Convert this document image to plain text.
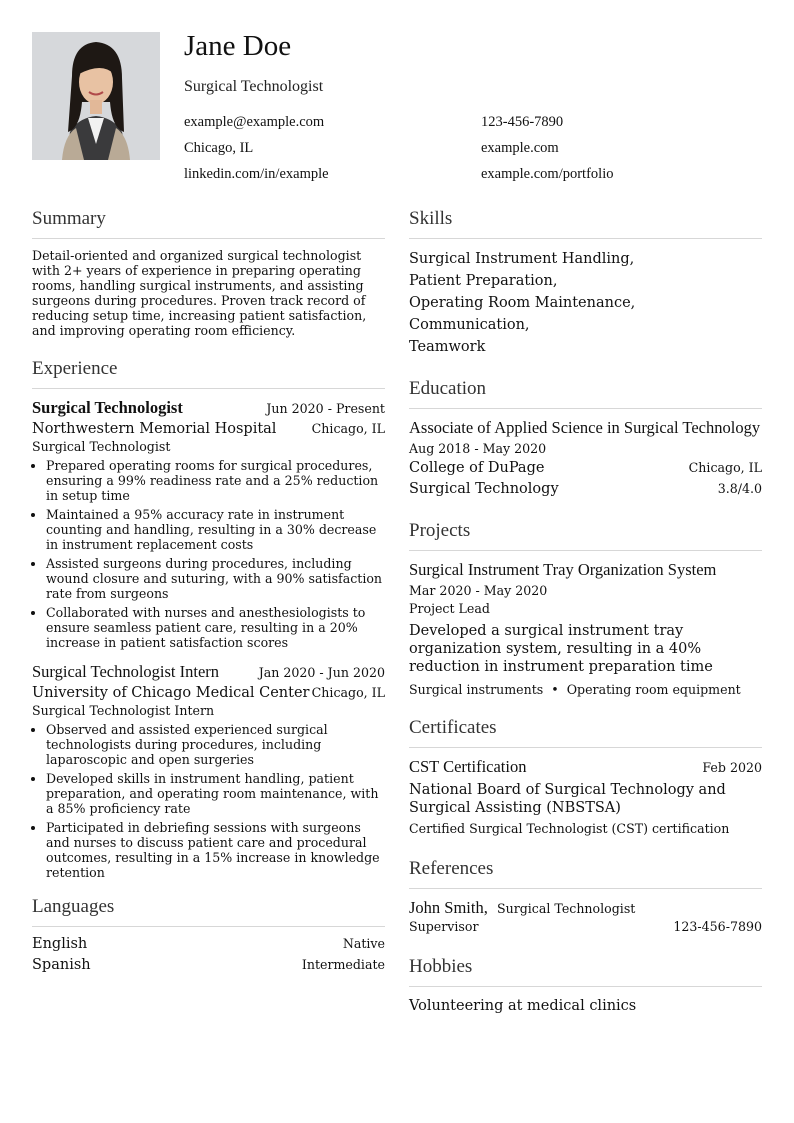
Jane Doe
Surgical Technologist
example@example.com	123-456-7890
Chicago, IL	example.com
linkedin.com/in/example	example.com/portfolio
Summary
Detail-oriented and organized surgical technologist with 2+ years of experience in preparing operating rooms, handling surgical instruments, and assisting surgeons during procedures. Proven track record of reducing setup time, increasing patient satisfaction, and improving operating room efficiency.
Experience
Surgical Technologist	Jun 2020 - Present
Northwestern Memorial Hospital	Chicago, IL
Surgical Technologist
• Prepared operating rooms for surgical procedures, ensuring a 99% readiness rate and a 25% reduction in setup time
• Maintained a 95% accuracy rate in instrument counting and handling, resulting in a 30% decrease in instrument replacement costs
• Assisted surgeons during procedures, including wound closure and suturing, with a 90% satisfaction rate from surgeons
• Collaborated with nurses and anesthesiologists to ensure seamless patient care, resulting in a 20% increase in patient satisfaction scores
Surgical Technologist Intern	Jan 2020 - Jun 2020
University of Chicago Medical Center Chicago, IL
Surgical Technologist Intern
• Observed and assisted experienced surgical technologists during procedures, including laparoscopic and open surgeries
• Developed skills in instrument handling, patient preparation, and operating room maintenance, with a 85% proficiency rate
• Participated in debriefing sessions with surgeons and nurses to discuss patient care and procedural outcomes, resulting in a 15% increase in knowledge retention
Languages
English	Native
Spanish	Intermediate
Skills
Surgical Instrument Handling,
Patient Preparation,
Operating Room Maintenance,  Communication,
Teamwork
Education
Associate of Applied Science in Surgical Technology
Aug 2018 - May 2020
College of DuPage	Chicago, IL
Surgical Technology	3.8/4.0
Projects
Surgical Instrument Tray Organization System
Mar 2020 - May 2020
Project Lead
Developed a surgical instrument tray organization system, resulting in a 40% reduction in instrument preparation time
Surgical instruments • Operating room equipment
Certificates
CST Certification	Feb 2020
National Board of Surgical Technology and Surgical Assisting (NBSTSA)
Certified Surgical Technologist (CST) certification
References
John Smith, Surgical Technologist
Supervisor	123-456-7890
Hobbies
Volunteering at medical clinics
